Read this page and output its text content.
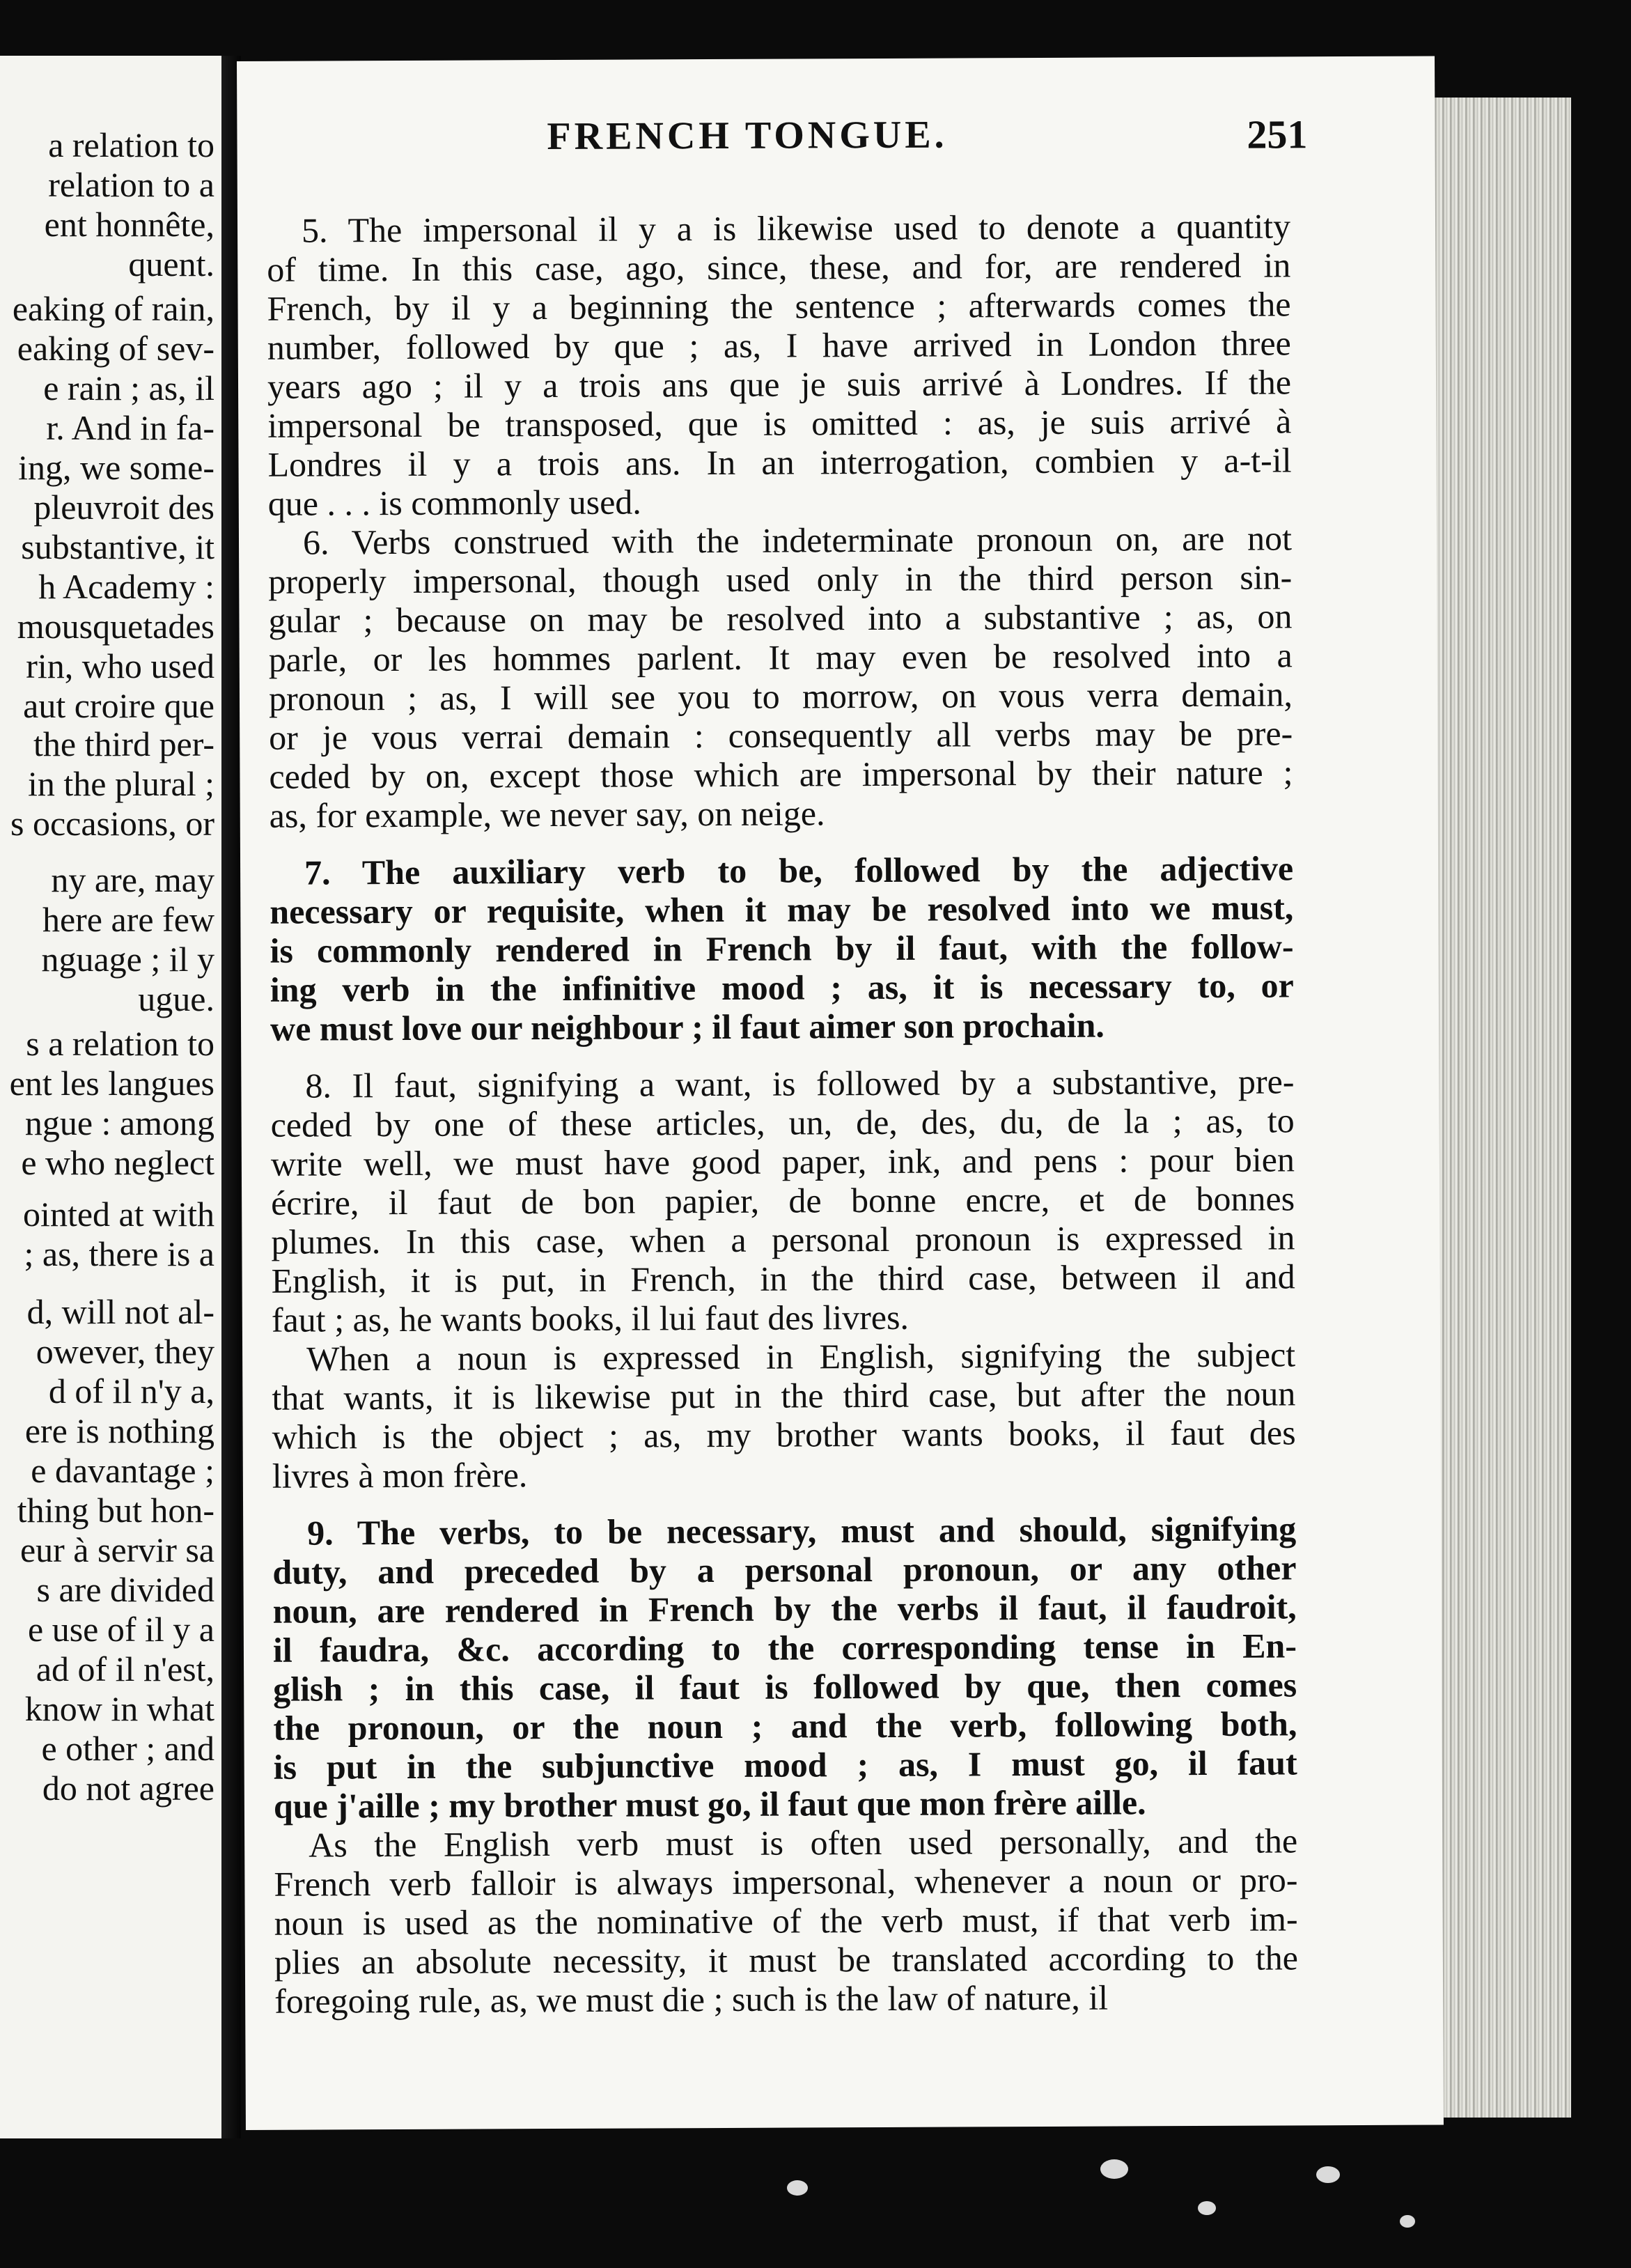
a relation to
relation to a
ent honnête,
quent.
eaking of rain,
eaking of sev-
e rain ; as, il
r. And in fa-
ing, we some-
pleuvroit des
substantive, it
h Academy :
mousquetades
rin, who used
aut croire que
the third per-
in the plural ;
s occasions, or
ny are, may
here are few
nguage ; il y
ugue.
s a relation to
ent les langues
ngue : among
e who neglect
ointed at with
; as, there is a
d, will not al-
owever, they
d of il n'y a,
ere is nothing
e davantage ;
thing but hon-
eur à servir sa
s are divided
e use of il y a
ad of il n'est,
know in what
e other ; and
do not agree
FRENCH TONGUE.	251
5. The impersonal il y a is likewise used to denote a quantity
of time. In this case, ago, since, these, and for, are rendered in
French, by il y a beginning the sentence ; afterwards comes the
number, followed by que ; as, I have arrived in London three
years ago ; il y a trois ans que je suis arrivé à Londres. If the
impersonal be transposed, que is omitted : as, je suis arrivé à
Londres il y a trois ans. In an interrogation, combien y a-t-il
que . . . is commonly used.
6. Verbs construed with the indeterminate pronoun on, are not
properly impersonal, though used only in the third person sin-
gular ; because on may be resolved into a substantive ; as, on
parle, or les hommes parlent. It may even be resolved into a
pronoun ; as, I will see you to morrow, on vous verra demain,
or je vous verrai demain : consequently all verbs may be pre-
ceded by on, except those which are impersonal by their nature ;
as, for example, we never say, on neige.
7. The auxiliary verb to be, followed by the adjective
necessary or requisite, when it may be resolved into we must,
is commonly rendered in French by il faut, with the follow-
ing verb in the infinitive mood ; as, it is necessary to, or
we must love our neighbour ; il faut aimer son prochain.
8. Il faut, signifying a want, is followed by a substantive, pre-
ceded by one of these articles, un, de, des, du, de la ; as, to
write well, we must have good paper, ink, and pens : pour bien
écrire, il faut de bon papier, de bonne encre, et de bonnes
plumes. In this case, when a personal pronoun is expressed in
English, it is put, in French, in the third case, between il and
faut ; as, he wants books, il lui faut des livres.
When a noun is expressed in English, signifying the subject
that wants, it is likewise put in the third case, but after the noun
which is the object ; as, my brother wants books, il faut des
livres à mon frère.
9. The verbs, to be necessary, must and should, signifying
duty, and preceded by a personal pronoun, or any other
noun, are rendered in French by the verbs il faut, il faudroit,
il faudra, &c. according to the corresponding tense in En-
glish ; in this case, il faut is followed by que, then comes
the pronoun, or the noun ; and the verb, following both,
is put in the subjunctive mood ; as, I must go, il faut
que j'aille ; my brother must go, il faut que mon frère aille.
As the English verb must is often used personally, and the
French verb falloir is always impersonal, whenever a noun or pro-
noun is used as the nominative of the verb must, if that verb im-
plies an absolute necessity, it must be translated according to the
foregoing rule, as, we must die ; such is the law of nature, il
